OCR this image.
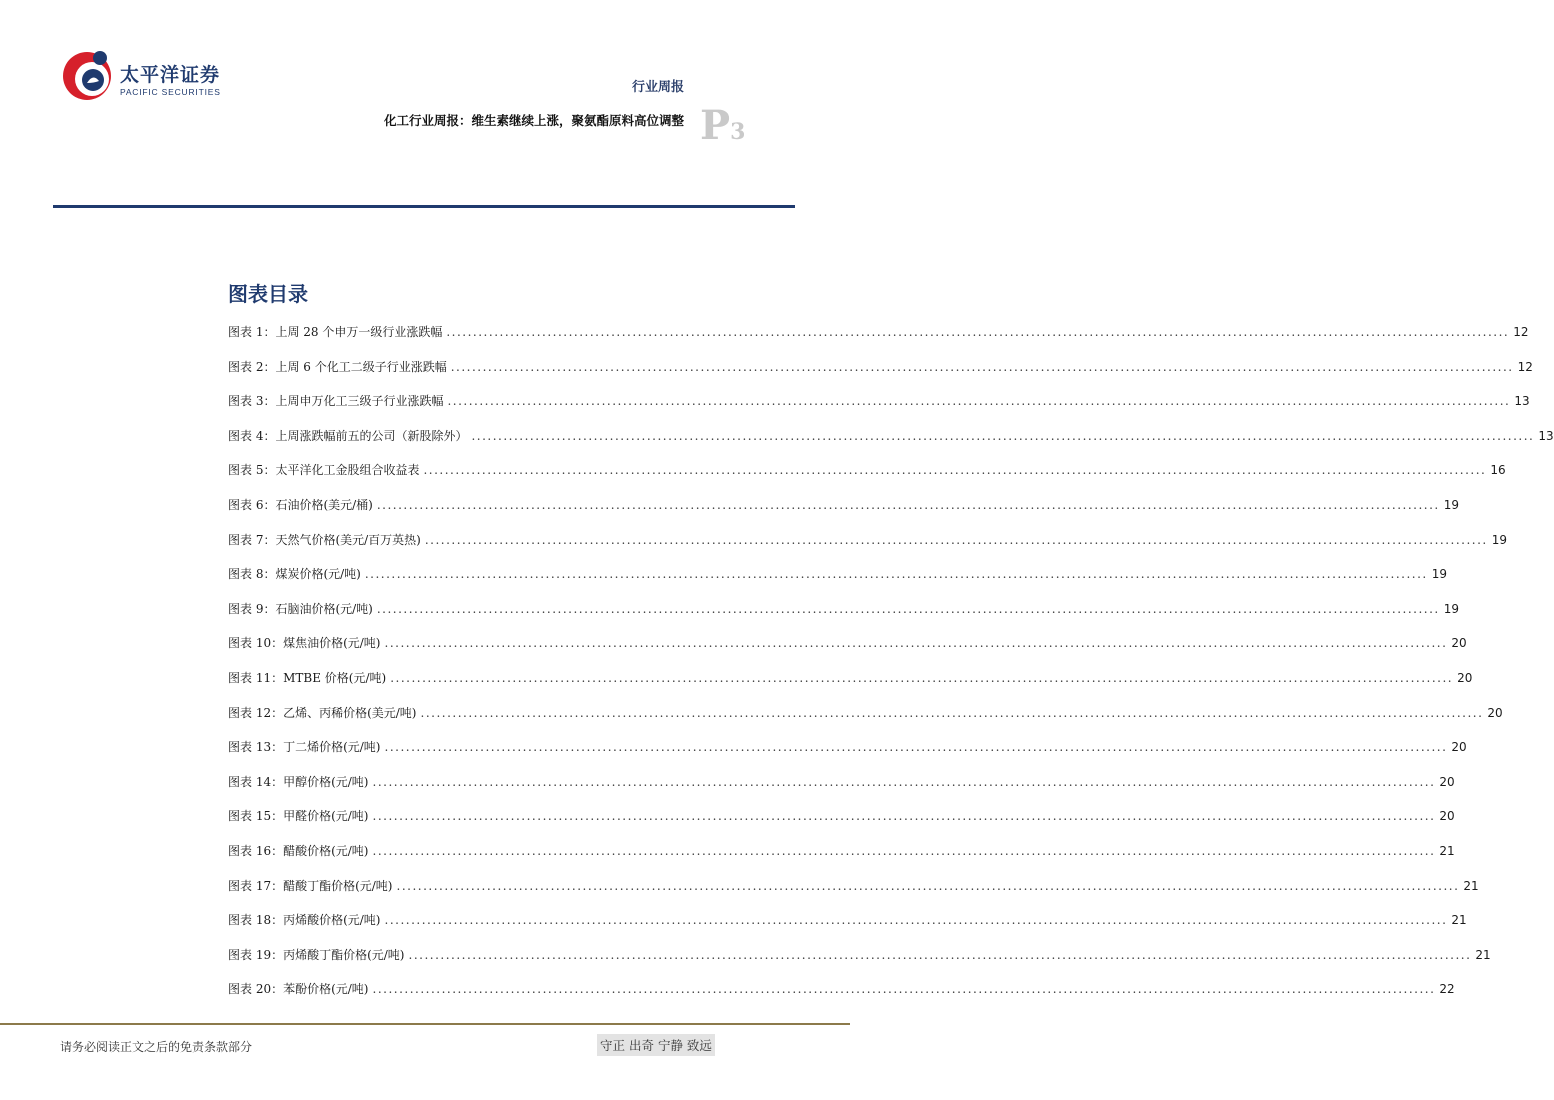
太平洋证券
PACIFIC SECURITIES	行业周报
化工行业周报：维生素继续上涨，聚氨酯原料高位调整 P3
图表目录
图表 1：上周 28 个申万一级行业涨跌幅 ........................................................................................................................................................................................................ 12
图表 2：上周 6 个化工二级子行业涨跌幅 ........................................................................................................................................................................................................ 12
图表 3：上周申万化工三级子行业涨跌幅 ........................................................................................................................................................................................................ 13
图表 4：上周涨跌幅前五的公司（新股除外） ........................................................................................................................................................................................................ 13
图表 5：太平洋化工金股组合收益表 ........................................................................................................................................................................................................ 16
图表 6：石油价格(美元/桶) ........................................................................................................................................................................................................ 19
图表 7：天然气价格(美元/百万英热) ........................................................................................................................................................................................................ 19
图表 8：煤炭价格(元/吨) ........................................................................................................................................................................................................ 19
图表 9：石脑油价格(元/吨) ........................................................................................................................................................................................................ 19
图表 10：煤焦油价格(元/吨) ........................................................................................................................................................................................................ 20
图表 11：MTBE 价格(元/吨) ........................................................................................................................................................................................................ 20
图表 12：乙烯、丙稀价格(美元/吨) ........................................................................................................................................................................................................ 20
图表 13：丁二烯价格(元/吨) ........................................................................................................................................................................................................ 20
图表 14：甲醇价格(元/吨) ........................................................................................................................................................................................................ 20
图表 15：甲醛价格(元/吨) ........................................................................................................................................................................................................ 20
图表 16：醋酸价格(元/吨) ........................................................................................................................................................................................................ 21
图表 17：醋酸丁酯价格(元/吨) ........................................................................................................................................................................................................ 21
图表 18：丙烯酸价格(元/吨) ........................................................................................................................................................................................................ 21
图表 19：丙烯酸丁酯价格(元/吨) ........................................................................................................................................................................................................ 21
图表 20：苯酚价格(元/吨) ........................................................................................................................................................................................................ 22
请务必阅读正文之后的免责条款部分	守正 出奇 宁静 致远
